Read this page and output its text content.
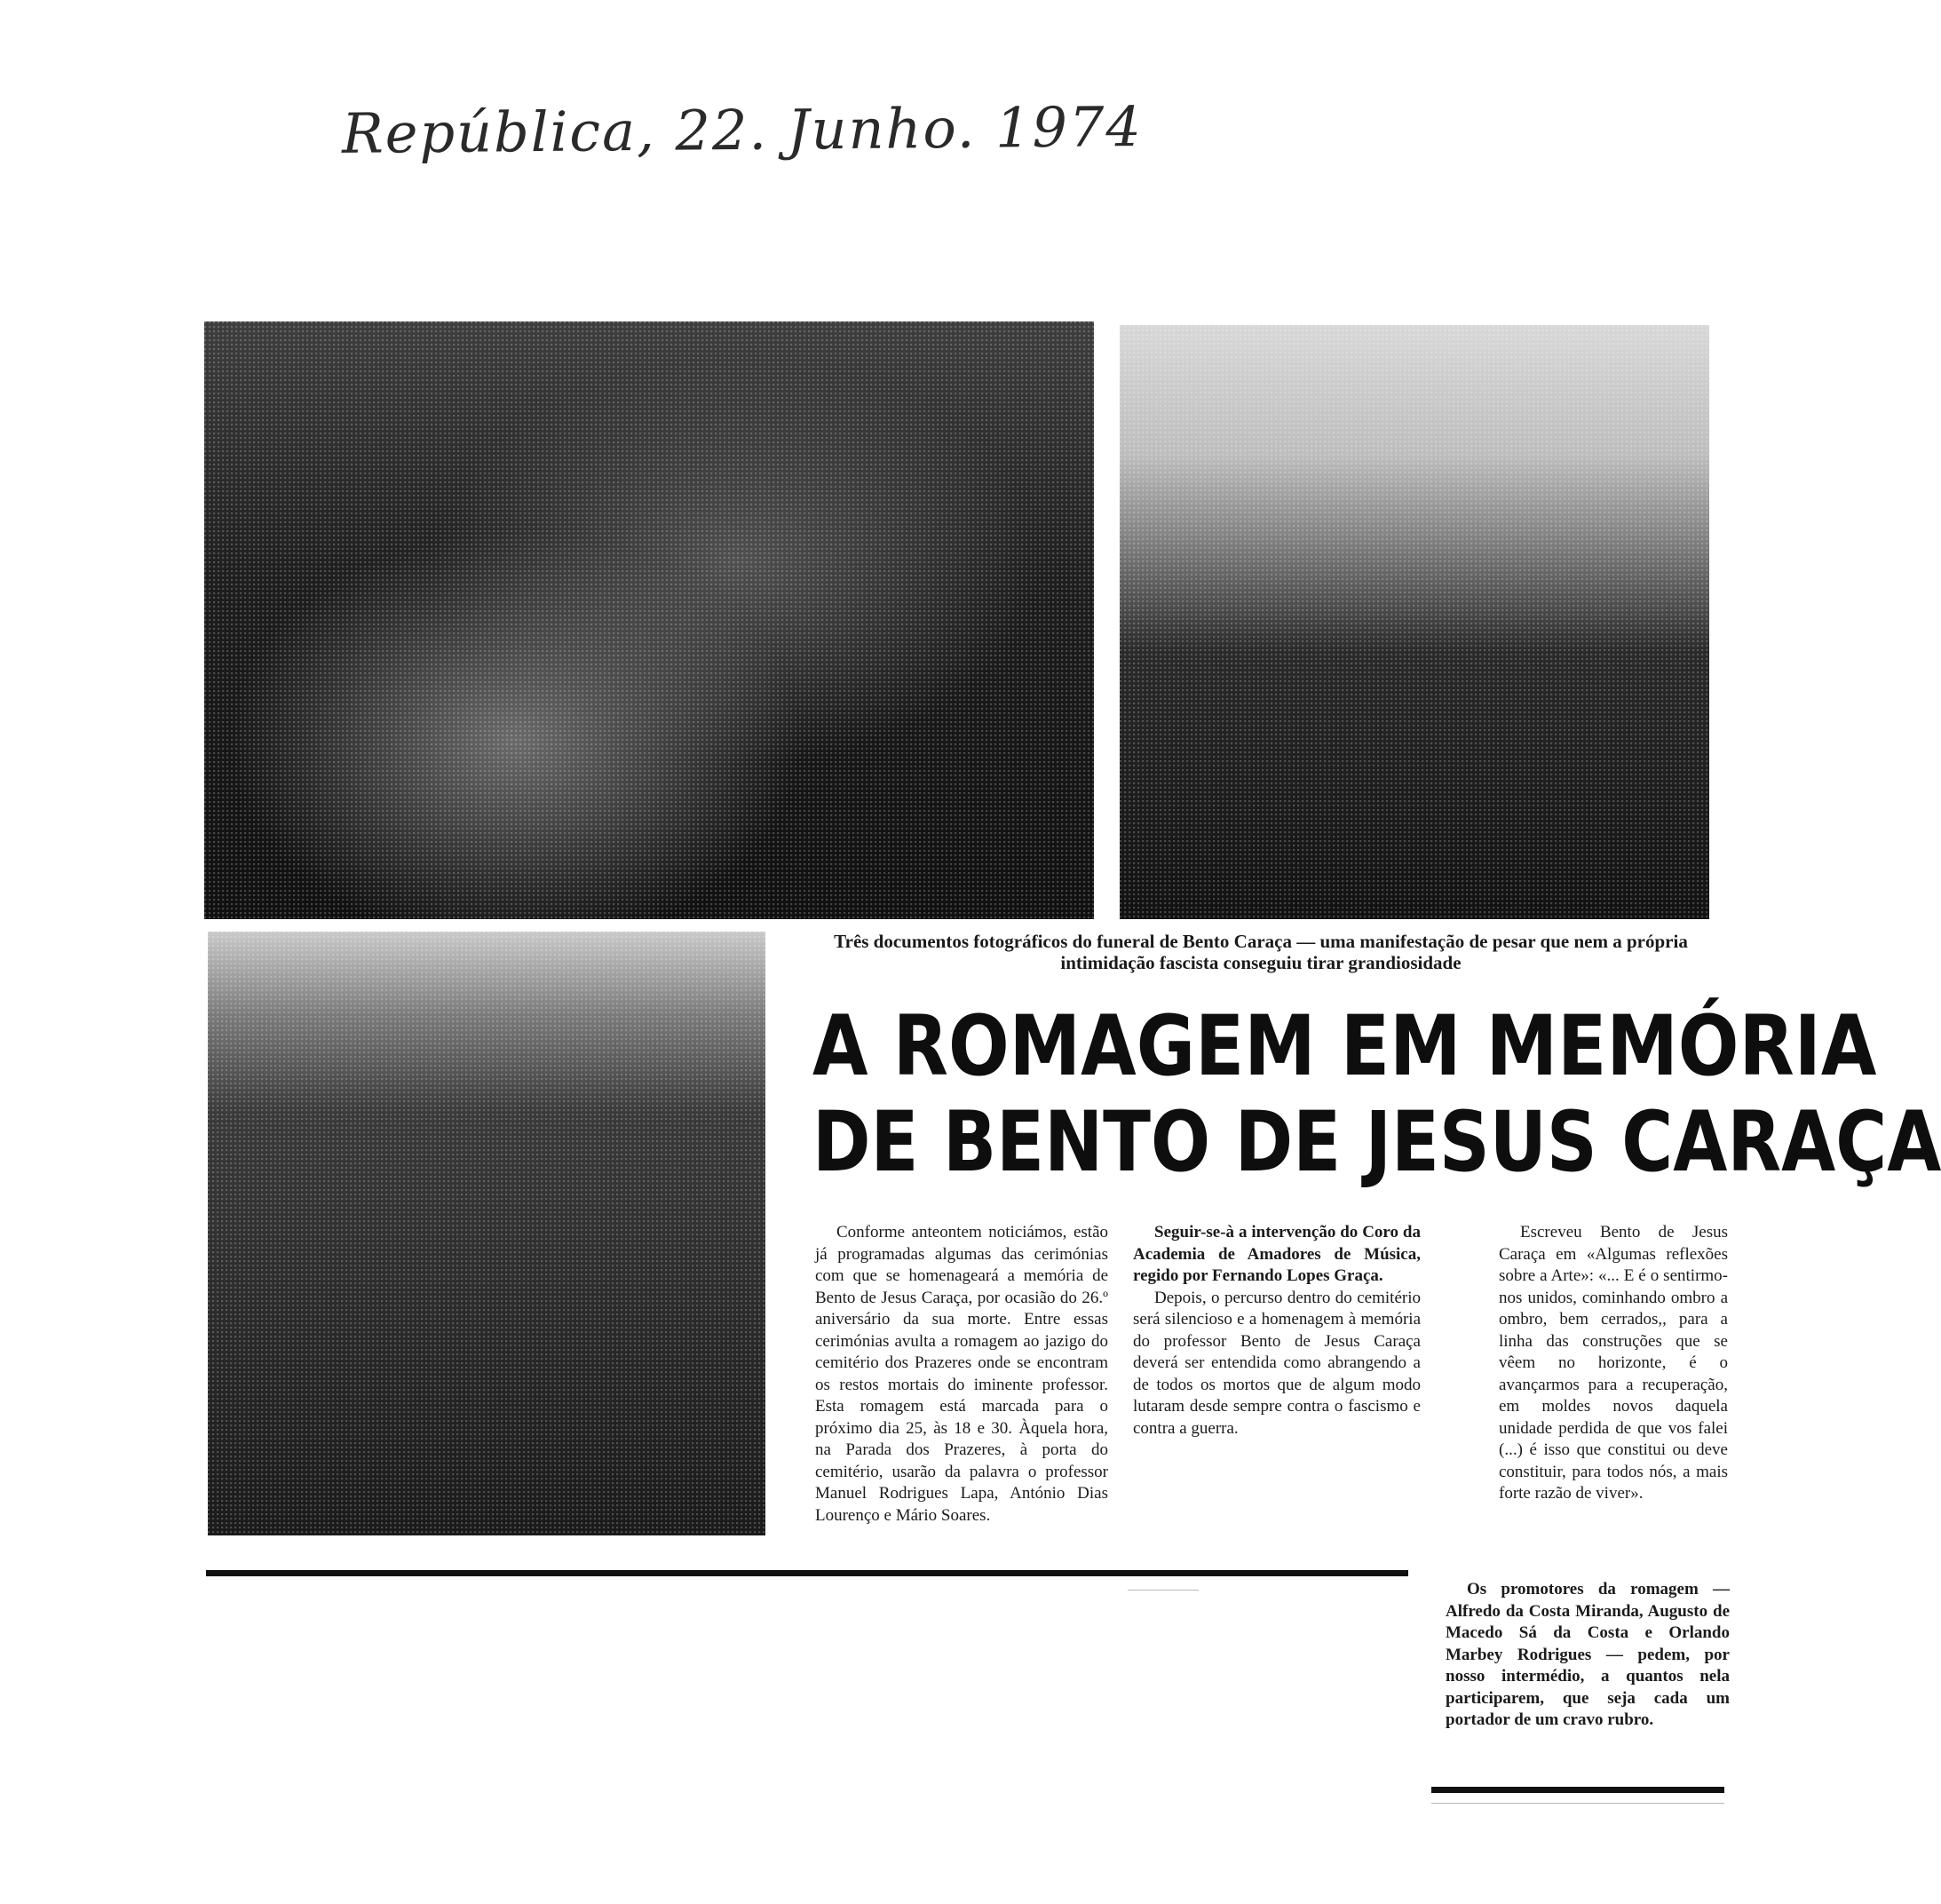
República, 22. Junho. 1974
Três documentos fotográficos do funeral de Bento Caraça — uma manifestação de pesar que nem a própria intimidação fascista conseguiu tirar grandiosidade
A ROMAGEM EM MEMÓRIA
DE BENTO DE JESUS CARAÇA

Conforme anteontem noticiámos, estão já programadas algumas das cerimónias com que se homenageará a memória de Bento de Jesus Caraça, por ocasião do 26.º aniversário da sua morte. Entre essas cerimónias avulta a romagem ao jazigo do cemitério dos Prazeres onde se encontram os restos mortais do iminente professor. Esta romagem está marcada para o próximo dia 25, às 18 e 30. Àquela hora, na Parada dos Prazeres, à porta do cemitério, usarão da palavra o professor Manuel Rodrigues Lapa, António Dias Lourenço e Mário Soares.

Seguir-se-à a intervenção do Coro da Academia de Amadores de Música, regido por Fernando Lopes Graça.

Depois, o percurso dentro do cemitério será silencioso e a homenagem à memória do professor Bento de Jesus Caraça deverá ser entendida como abrangendo a de todos os mortos que de algum modo lutaram desde sempre contra o fascismo e contra a guerra.

Escreveu Bento de Jesus Caraça em «Algumas reflexões sobre a Arte»: «... E é o sentirmo-nos unidos, cominhando ombro a ombro, bem cerrados,, para a linha das construções que se vêem no horizonte, é o avançarmos para a recuperação, em moldes novos daquela unidade perdida de que vos falei (...) é isso que constitui ou deve constituir, para todos nós, a mais forte razão de viver».

Os promotores da romagem — Alfredo da Costa Miranda, Augusto de Macedo Sá da Costa e Orlando Marbey Rodrigues — pedem, por nosso intermédio, a quantos nela participarem, que seja cada um portador de um cravo rubro.
